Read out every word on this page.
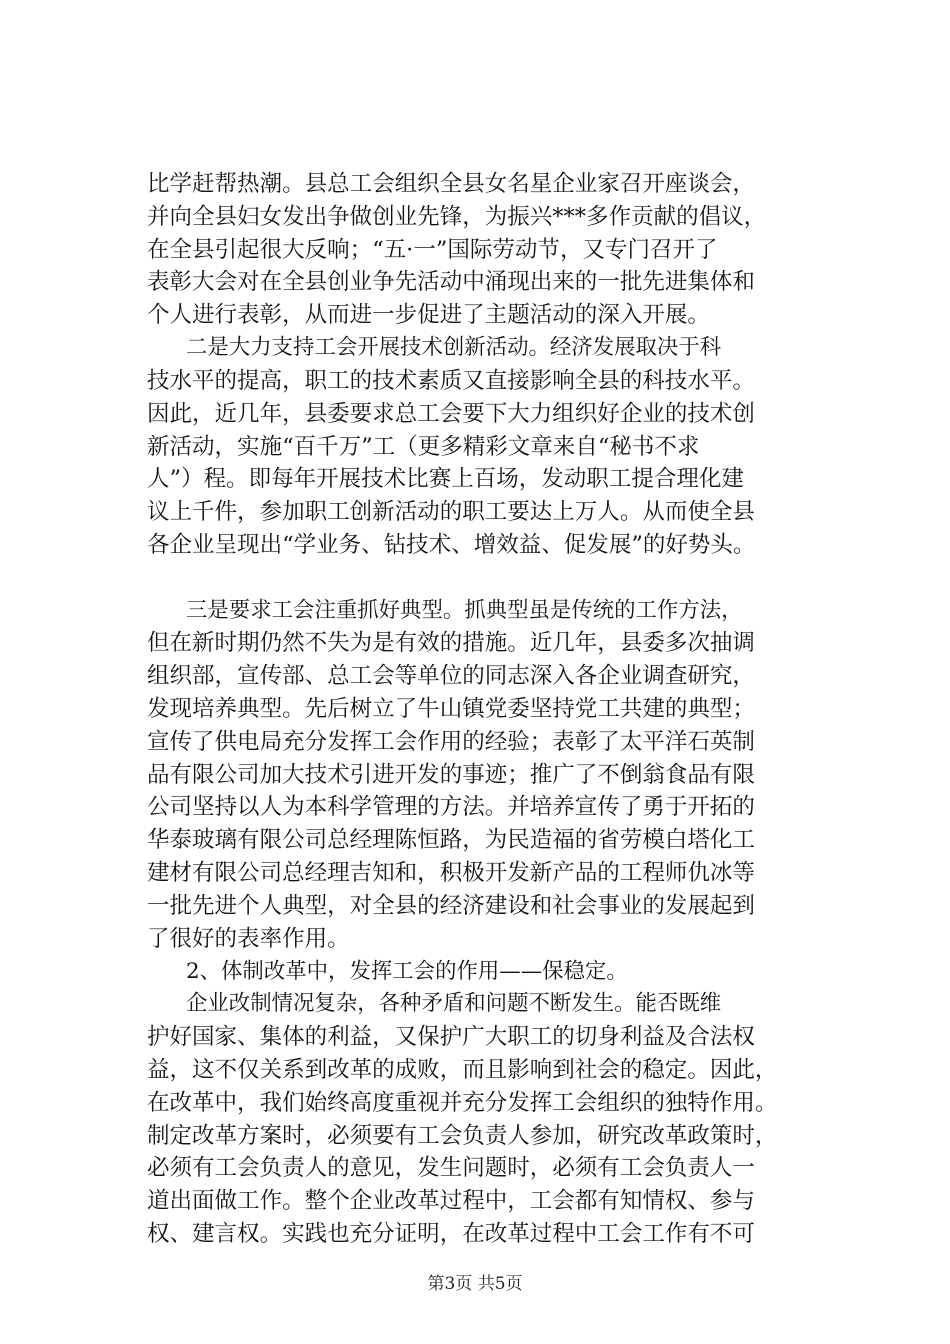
比学赶帮热潮。县总工会组织全县女名星企业家召开座谈会，
并向全县妇女发出争做创业先锋，为振兴***多作贡献的倡议，
在全县引起很大反响；“五·一”国际劳动节，又专门召开了
表彰大会对在全县创业争先活动中涌现出来的一批先进集体和
个人进行表彰，从而进一步促进了主题活动的深入开展。
二是大力支持工会开展技术创新活动。经济发展取决于科
技水平的提高，职工的技术素质又直接影响全县的科技水平。
因此，近几年，县委要求总工会要下大力组织好企业的技术创
新活动，实施“百千万”工（更多精彩文章来自“秘书不求
人”）程。即每年开展技术比赛上百场，发动职工提合理化建
议上千件，参加职工创新活动的职工要达上万人。从而使全县
各企业呈现出“学业务、钻技术、增效益、促发展”的好势头。
三是要求工会注重抓好典型。抓典型虽是传统的工作方法，
但在新时期仍然不失为是有效的措施。近几年，县委多次抽调
组织部，宣传部、总工会等单位的同志深入各企业调查研究，
发现培养典型。先后树立了牛山镇党委坚持党工共建的典型；
宣传了供电局充分发挥工会作用的经验；表彰了太平洋石英制
品有限公司加大技术引进开发的事迹；推广了不倒翁食品有限
公司坚持以人为本科学管理的方法。并培养宣传了勇于开拓的
华泰玻璃有限公司总经理陈恒路，为民造福的省劳模白塔化工
建材有限公司总经理吉知和，积极开发新产品的工程师仇冰等
一批先进个人典型，对全县的经济建设和社会事业的发展起到
了很好的表率作用。
2、体制改革中，发挥工会的作用——保稳定。
企业改制情况复杂，各种矛盾和问题不断发生。能否既维
护好国家、集体的利益，又保护广大职工的切身利益及合法权
益，这不仅关系到改革的成败，而且影响到社会的稳定。因此，
在改革中，我们始终高度重视并充分发挥工会组织的独特作用。
制定改革方案时，必须要有工会负责人参加，研究改革政策时，
必须有工会负责人的意见，发生问题时，必须有工会负责人一
道出面做工作。整个企业改革过程中，工会都有知情权、参与
权、建言权。实践也充分证明，在改革过程中工会工作有不可
第3页 共5页
